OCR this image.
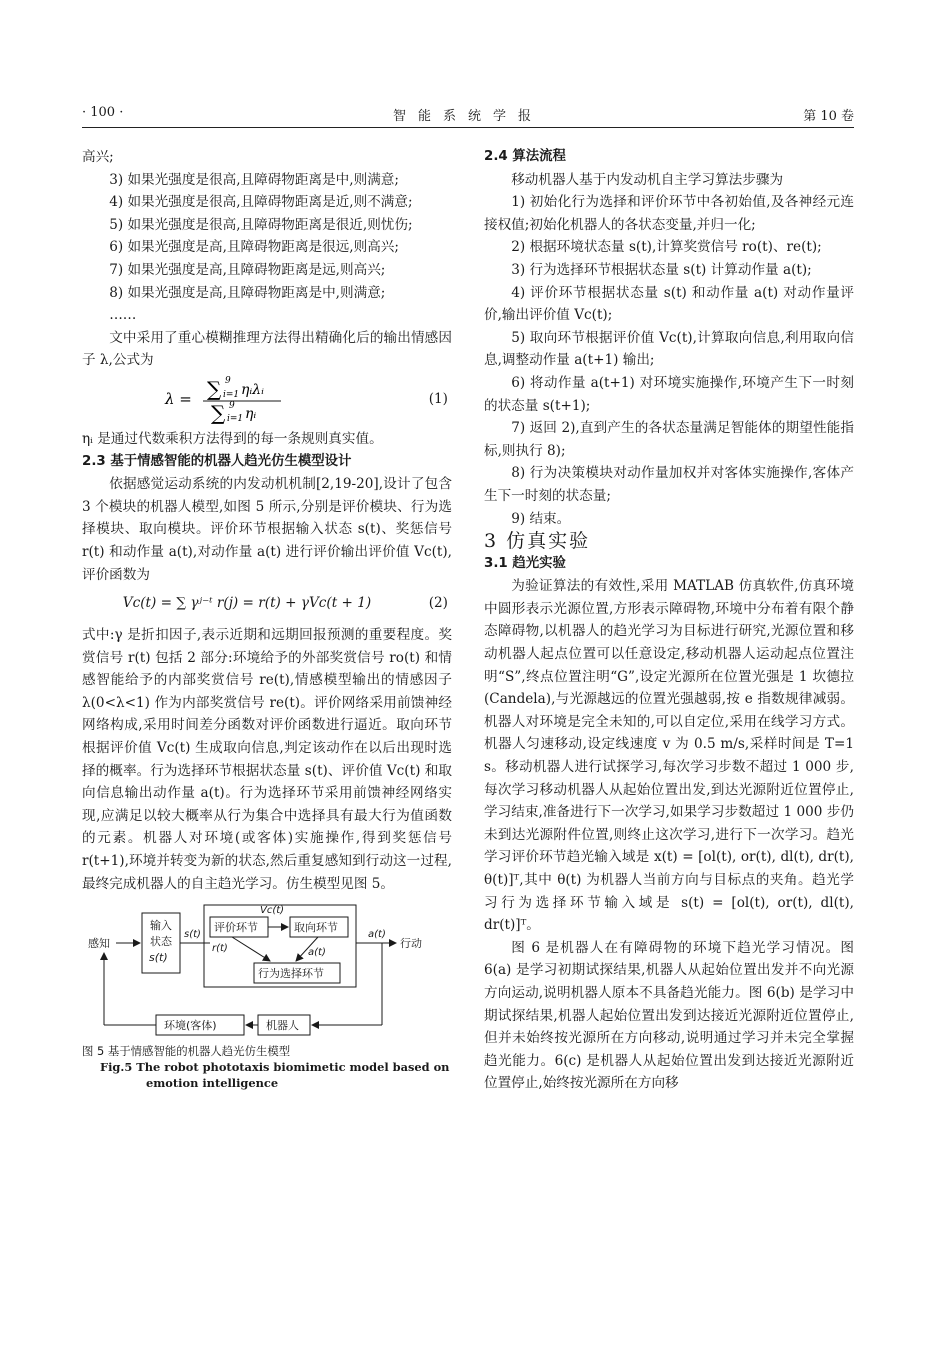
· 100 ·	智能系统学报	第 10 卷

高兴;

3) 如果光强度是很高,且障碍物距离是中,则满意;

4) 如果光强度是很高,且障碍物距离是近,则不满意;

5) 如果光强度是很高,且障碍物距离是很近,则忧伤;

6) 如果光强度是高,且障碍物距离是很远,则高兴;

7) 如果光强度是高,且障碍物距离是远,则高兴;

8) 如果光强度是高,且障碍物距离是中,则满意;

……

文中采用了重心模糊推理方法得出精确化后的输出情感因子 λ,公式为

λ = ∑ 9
i=1 ηᵢλᵢ
∑ 9
i=1 ηᵢ
(1)

ηᵢ 是通过代数乘积方法得到的每一条规则真实值。

2.3 基于情感智能的机器人趋光仿生模型设计

依据感觉运动系统的内发动机机制[2,19-20],设计了包含 3 个模块的机器人模型,如图 5 所示,分别是评价模块、行为选择模块、取向模块。评价环节根据输入状态 s(t)、奖惩信号 r(t) 和动作量 a(t),对动作量 a(t) 进行评价输出评价值 Vc(t),评价函数为

Vc(t) = ∑ γʲ⁻ᵗ r(j) = r(t) + γVc(t + 1)	(2)

式中:γ 是折扣因子,表示近期和远期回报预测的重要程度。奖赏信号 r(t) 包括 2 部分:环境给予的外部奖赏信号 ro(t) 和情感智能给予的内部奖赏信号 re(t),情感模型输出的情感因子 λ(0<λ<1) 作为内部奖赏信号 re(t)。评价网络采用前馈神经网络构成,采用时间差分函数对评价函数进行逼近。取向环节根据评价值 Vc(t) 生成取向信息,判定该动作在以后出现时选择的概率。行为选择环节根据状态量 s(t)、评价值 Vc(t) 和取向信息输出动作量 a(t)。行为选择环节采用前馈神经网络实现,应满足以较大概率从行为集合中选择具有最大行为值函数的元素。机器人对环境(或客体)实施操作,得到奖惩信号 r(t+1),环境并转变为新的状态,然后重复感知到行动这一过程,最终完成机器人的自主趋光学习。仿生模型见图 5。

感知
输入
状态
s(t)
s(t)
评价环节	取向环节
Vc(t)
行为选择环节
a(t)
r(t)
a(t)
行动
环境(客体)	机器人

图 5 基于情感智能的机器人趋光仿生模型

Fig.5 The robot phototaxis biomimetic model based on

emotion intelligence

2.4 算法流程

移动机器人基于内发动机自主学习算法步骤为

1) 初始化行为选择和评价环节中各初始值,及各神经元连接权值;初始化机器人的各状态变量,并归一化;

2) 根据环境状态量 s(t),计算奖赏信号 ro(t)、re(t);

3) 行为选择环节根据状态量 s(t) 计算动作量 a(t);

4) 评价环节根据状态量 s(t) 和动作量 a(t) 对动作量评价,输出评价值 Vc(t);

5) 取向环节根据评价值 Vc(t),计算取向信息,利用取向信息,调整动作量 a(t+1) 输出;

6) 将动作量 a(t+1) 对环境实施操作,环境产生下一时刻的状态量 s(t+1);

7) 返回 2),直到产生的各状态量满足智能体的期望性能指标,则执行 8);

8) 行为决策模块对动作量加权并对客体实施操作,客体产生下一时刻的状态量;

9) 结束。

3 仿真实验

3.1 趋光实验

为验证算法的有效性,采用 MATLAB 仿真软件,仿真环境中圆形表示光源位置,方形表示障碍物,环境中分布着有限个静态障碍物,以机器人的趋光学习为目标进行研究,光源位置和移动机器人起点位置可以任意设定,移动机器人运动起点位置注明“S”,终点位置注明“G”,设定光源所在位置光强是 1 坎德拉(Candela),与光源越远的位置光强越弱,按 e 指数规律减弱。机器人对环境是完全未知的,可以自定位,采用在线学习方式。机器人匀速移动,设定线速度 v 为 0.5 m/s,采样时间是 T=1 s。移动机器人进行试探学习,每次学习步数不超过 1 000 步,每次学习移动机器人从起始位置出发,到达光源附近位置停止,学习结束,准备进行下一次学习,如果学习步数超过 1 000 步仍未到达光源附件位置,则终止这次学习,进行下一次学习。趋光学习评价环节趋光输入域是 x(t) = [ol(t), or(t), dl(t), dr(t), θ(t)]ᵀ,其中 θ(t) 为机器人当前方向与目标点的夹角。趋光学习行为选择环节输入域是 s(t) = [ol(t), or(t), dl(t), dr(t)]ᵀ。

图 6 是机器人在有障碍物的环境下趋光学习情况。图 6(a) 是学习初期试探结果,机器人从起始位置出发并不向光源方向运动,说明机器人原本不具备趋光能力。图 6(b) 是学习中期试探结果,机器人起始位置出发到达接近光源附近位置停止,但并未始终按光源所在方向移动,说明通过学习并未完全掌握趋光能力。6(c) 是机器人从起始位置出发到达接近光源附近位置停止,始终按光源所在方向移
